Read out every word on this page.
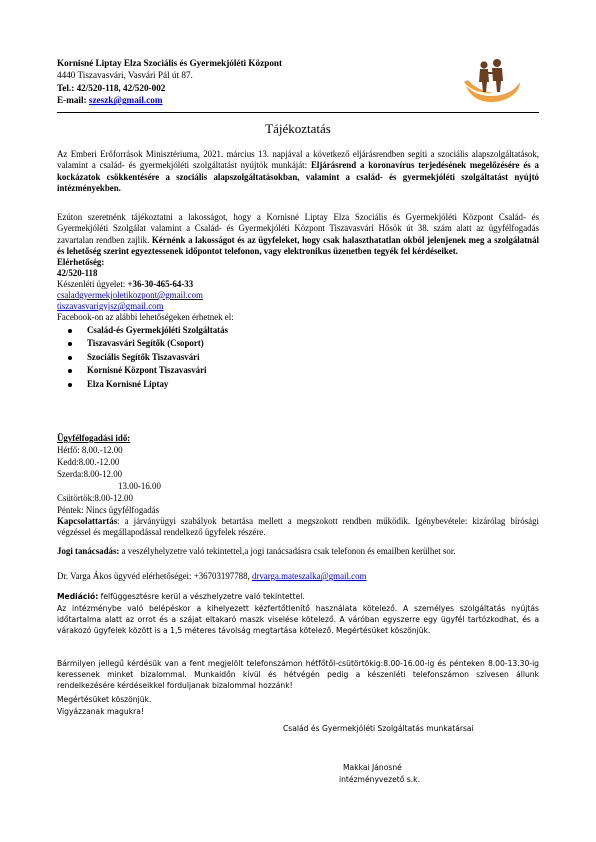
Kornisné Liptay Elza Szociális és Gyermekjóléti Központ
4440 Tiszavasvári, Vasvári Pál út 87.
Tel.: 42/520-118, 42/520-002
E-mail: szeszk@gmail.com
Tájékoztatás
Az Emberi Erőforrások Minisztériuma, 2021. március 13. napjával a következő eljárásrendben segíti a szociális alapszolgáltatások, valamint a család- és gyermekjóléti szolgáltatást nyújtók munkáját: Eljárásrend a koronavírus terjedésének megelőzésére és a kockázatok csökkentésére a szociális alapszolgáltatásokban, valamint a család- és gyermekjóléti szolgáltatást nyújtó intézményekben.
Ezúton szeretnénk tájékoztatni a lakosságot, hogy a Kornisné Liptay Elza Szociális és Gyermekjóléti Központ Család- és Gyermekjóléti Szolgálat valamint a Család- és Gyermekjóléti Központ Tiszavasvári Hősök út 38. szám alatt az ügyfélfogadás zavartalan rendben zajlik. Kérnénk a lakosságot és az ügyfeleket, hogy csak halaszthatatlan okból jelenjenek meg a szolgálatnál és lehetőség szerint egyeztessenek időpontot telefonon, vagy elektronikus üzenetben tegyék fel kérdéseiket.
Elérhetőség:
42/520-118
Készenléti ügyelet: +36-30-465-64-33
csaladgyermekjoletikozpont@gmail.com
tiszavasvarigyjsz@gmail.com
Facebook-on az alábbi lehetőségeken érhetnek el:
Család-és Gyermekjóléti Szolgáltatás
Tiszavasvári Segítők (Csoport)
Szociális Segítők Tiszavasvári
Kornisné Központ Tiszavasvári
Elza Kornisné Liptay
Ügyfélfogadási idő:
Hétfő: 8.00.-12.00
Kedd:8.00.-12.00
Szerda:8.00-12.00
13.00-16.00
Csütörtök:8.00-12.00
Péntek: Nincs ügyfélfogadás
Kapcsolattartás: a járványügyi szabályok betartása mellett a megszokott rendben működik. Igénybevétele: kizárólag bírósági végzéssel és megállapodással rendelkező ügyfelek részére.
Jogi tanácsadás: a veszélyhelyzetre való tekintettel,a jogi tanácsadásra csak telefonon és emailben kerülhet sor.
Dr. Varga Ákos ügyvéd elérhetőségei: +36703197788, drvarga.mateszalka@gmail.com
Mediáció: felfüggesztésre kerül a vészhelyzetre való tekintettel.
Az intézménybe való belépéskor a kihelyezett kézfertőtlenítő használata kötelező. A személyes szolgáltatás nyújtás időtartalma alatt az orrot és a szájat eltakaró maszk viselése kötelező. A váróban egyszerre egy ügyfél tartózkodhat, és a várakozó ügyfelek között is a 1,5 méteres távolság megtartása kötelező. Megértésüket köszönjük.
Bármilyen jellegű kérdésük van a fent megjelölt telefonszámon hétfőtől-csütörtökig:8.00-16.00-ig és pénteken 8.00-13.30-ig keressenek minket bizalommal. Munkaidőn kívül és hétvégén pedig a készenléti telefonszámon szívesen állunk rendelkezésére kérdéseikkel forduljanak bizalommal hozzánk!
Megértésüket köszönjük.
Vigyázzanak magukra!
Család és Gyermekjóléti Szolgáltatás munkatársai
Makkai Jánosné
intézményvezető s.k.
